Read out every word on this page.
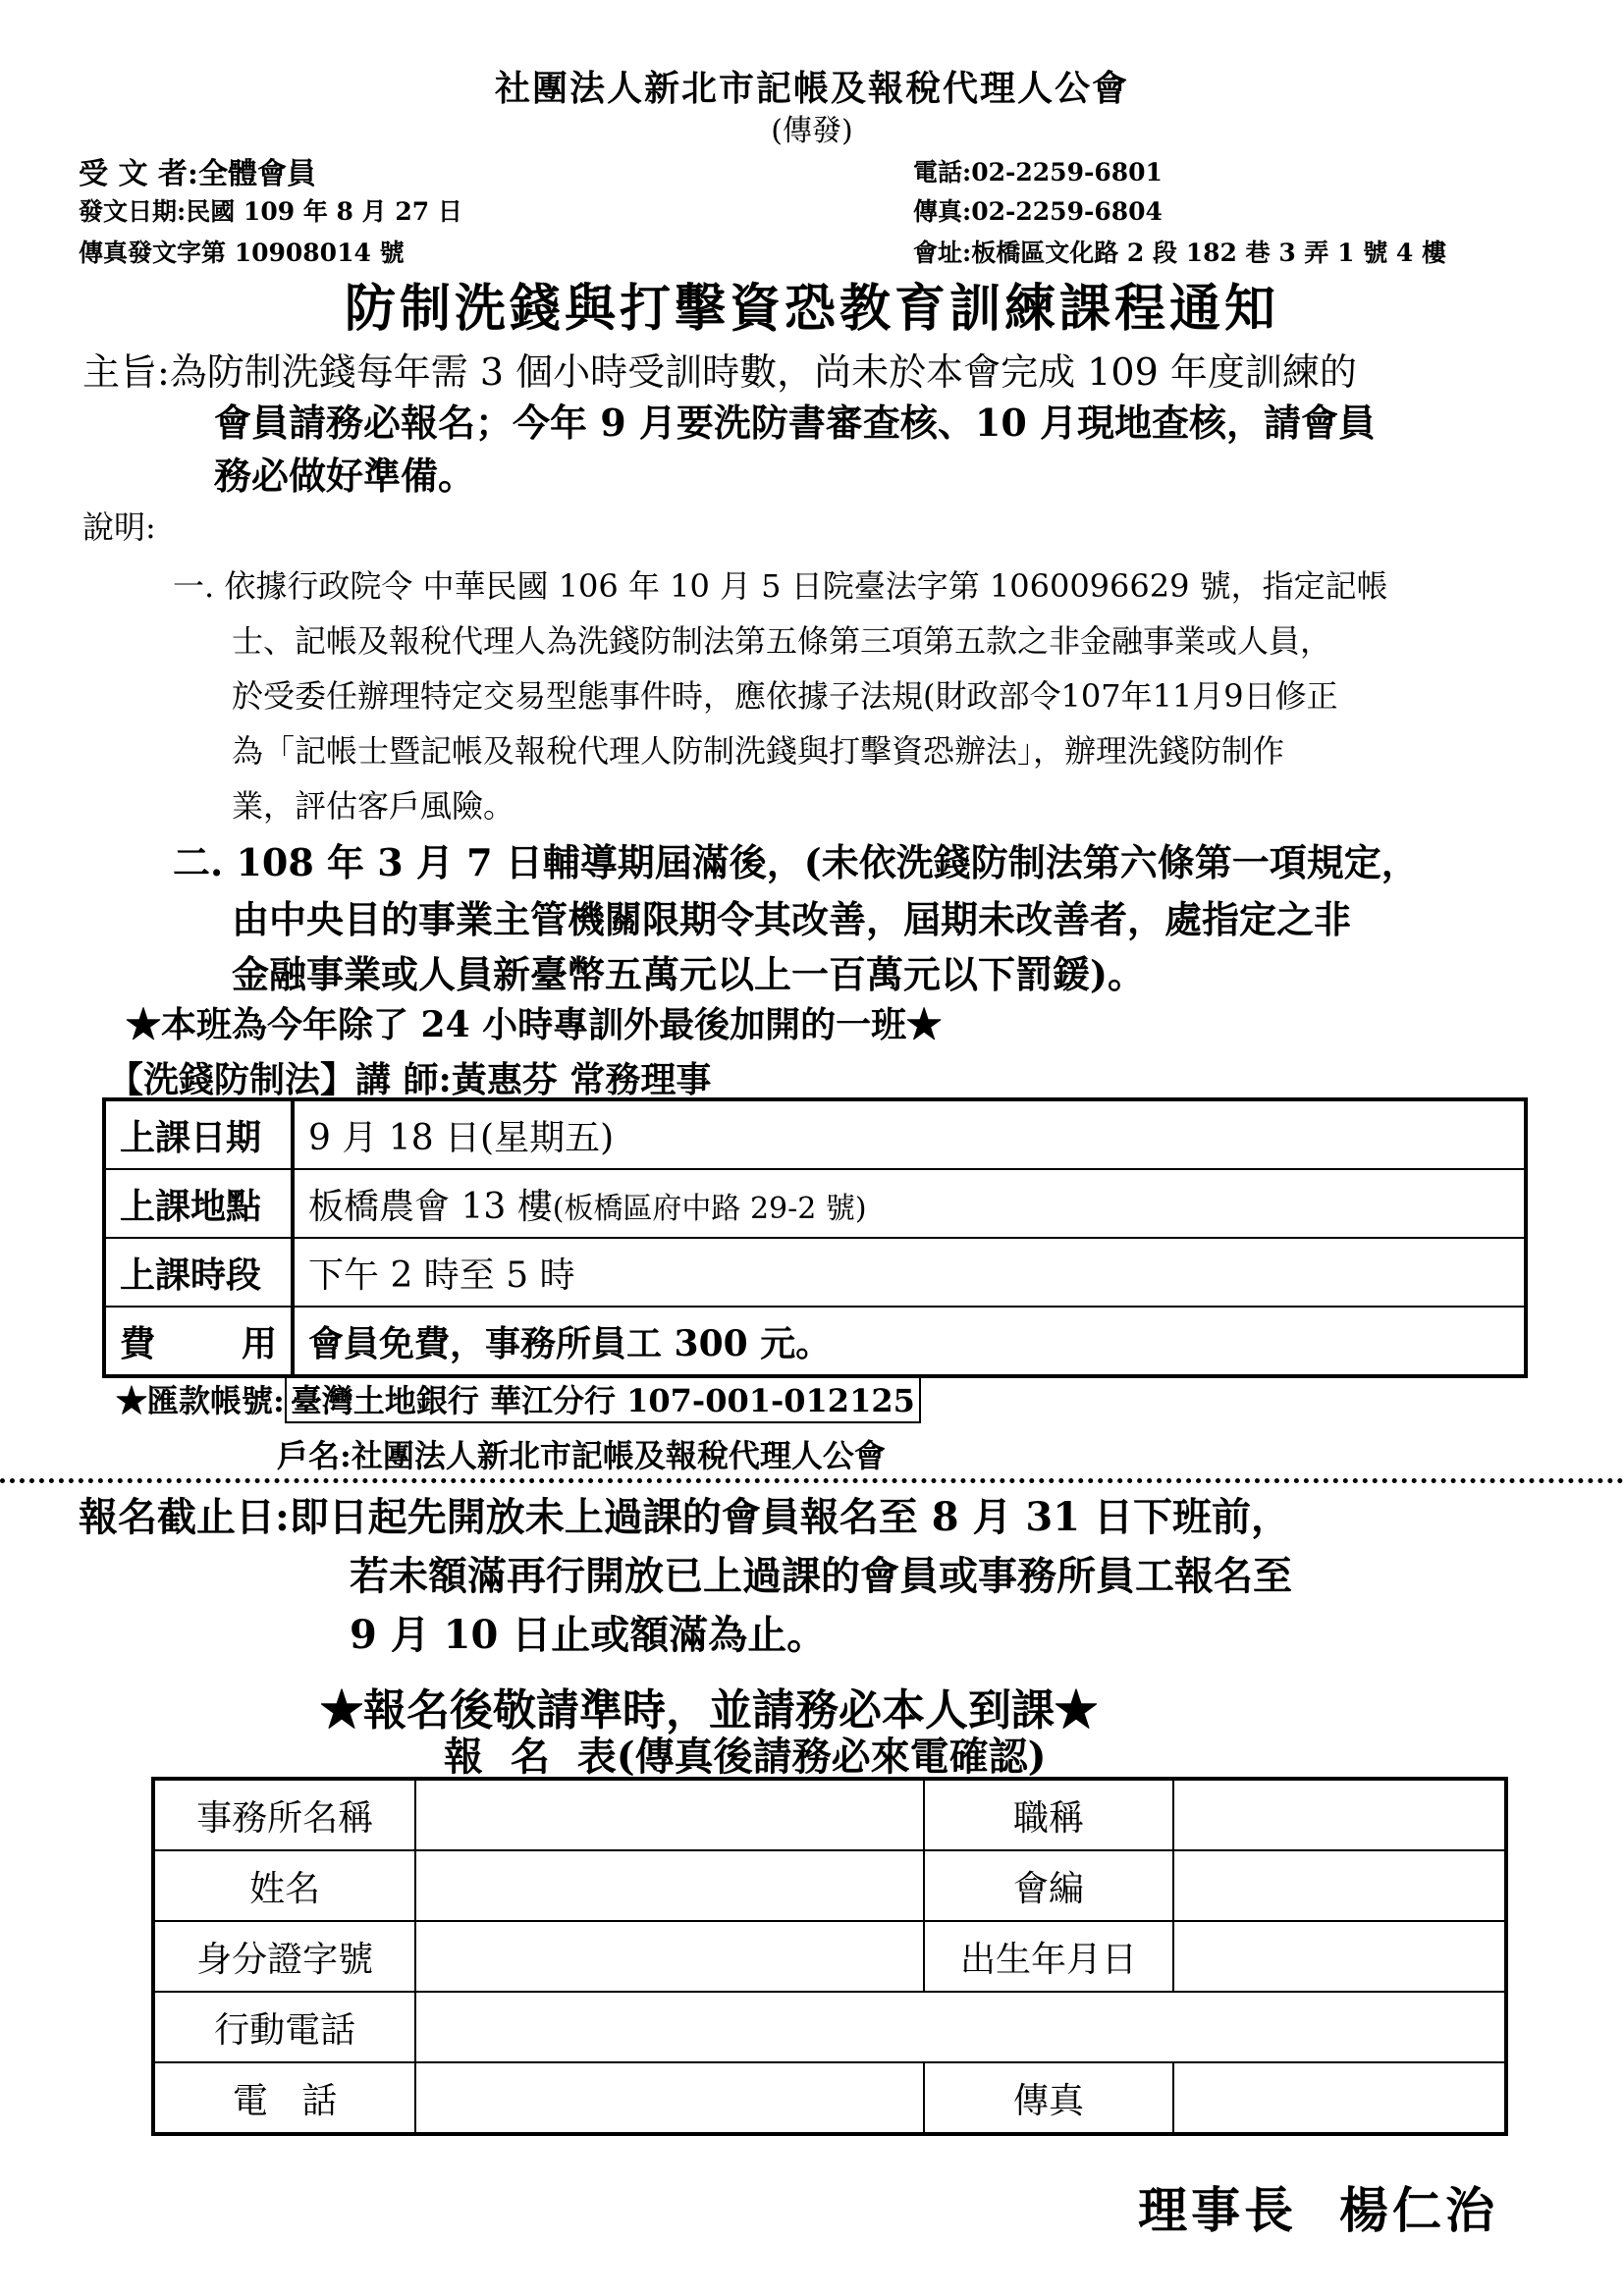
社團法人新北市記帳及報稅代理人公會
(傳發)
受 文 者:全體會員
發文日期:民國 109 年 8 月 27 日
傳真發文字第 10908014 號
電話:02-2259-6801
傳真:02-2259-6804
會址:板橋區文化路 2 段 182 巷 3 弄 1 號 4 樓
防制洗錢與打擊資恐教育訓練課程通知
主旨:為防制洗錢每年需 3 個小時受訓時數，尚未於本會完成 109 年度訓練的
會員請務必報名；今年 9 月要洗防書審查核、10 月現地查核，請會員
務必做好準備。
說明:
一. 依據行政院令 中華民國 106 年 10 月 5 日院臺法字第 1060096629 號，指定記帳
士、記帳及報稅代理人為洗錢防制法第五條第三項第五款之非金融事業或人員，
於受委任辦理特定交易型態事件時，應依據子法規(財政部令107年11月9日修正
為「記帳士暨記帳及報稅代理人防制洗錢與打擊資恐辦法」，辦理洗錢防制作
業，評估客戶風險。
二. 108 年 3 月 7 日輔導期屆滿後，(未依洗錢防制法第六條第一項規定，
由中央目的事業主管機關限期令其改善，屆期未改善者，處指定之非
金融事業或人員新臺幣五萬元以上一百萬元以下罰鍰)。
★本班為今年除了 24 小時專訓外最後加開的一班★
【洗錢防制法】講 師:黃惠芬 常務理事
上課日期	9 月 18 日(星期五)
上課地點	板橋農會 13 樓(板橋區府中路 29-2 號)
上課時段	下午 2 時至 5 時
費用	會員免費，事務所員工 300 元。
★匯款帳號: 臺灣土地銀行 華江分行 107-001-012125
戶名:社團法人新北市記帳及報稅代理人公會
報名截止日:即日起先開放未上過課的會員報名至 8 月 31 日下班前，
若未額滿再行開放已上過課的會員或事務所員工報名至
9 月 10 日止或額滿為止。
★報名後敬請準時，並請務必本人到課★
報  名  表(傳真後請務必來電確認)
事務所名稱		職稱	
姓名		會編	
身分證字號		出生年月日	
行動電話			
電   話		傳真	
理事長  楊仁治
